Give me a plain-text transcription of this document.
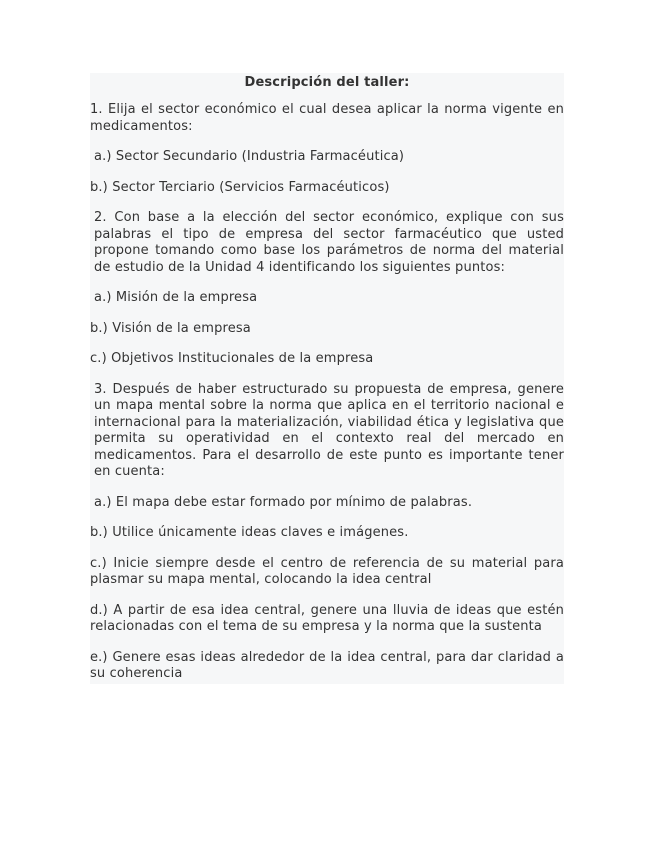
Descripción del taller:

1. Elija el sector económico el cual desea aplicar la norma vigente en medicamentos:

a.) Sector Secundario (Industria Farmacéutica)

b.) Sector Terciario (Servicios Farmacéuticos)

2. Con base a la elección del sector económico, explique con sus palabras el tipo de empresa del sector farmacéutico que usted propone tomando como base los parámetros de norma del material de estudio de la Unidad 4 identificando los siguientes puntos:

a.) Misión de la empresa

b.) Visión de la empresa

c.) Objetivos Institucionales de la empresa

3. Después de haber estructurado su propuesta de empresa, genere un mapa mental sobre la norma que aplica en el territorio nacional e internacional para la materialización, viabilidad ética y legislativa que permita su operatividad en el contexto real del mercado en medicamentos. Para el desarrollo de este punto es importante tener en cuenta:

a.) El mapa debe estar formado por mínimo de palabras.

b.) Utilice únicamente ideas claves e imágenes.

c.) Inicie siempre desde el centro de referencia de su material para plasmar su mapa mental, colocando la idea central

d.) A partir de esa idea central, genere una lluvia de ideas que estén relacionadas con el tema de su empresa y la norma que la sustenta

e.) Genere esas ideas alrededor de la idea central, para dar claridad a su coherencia
